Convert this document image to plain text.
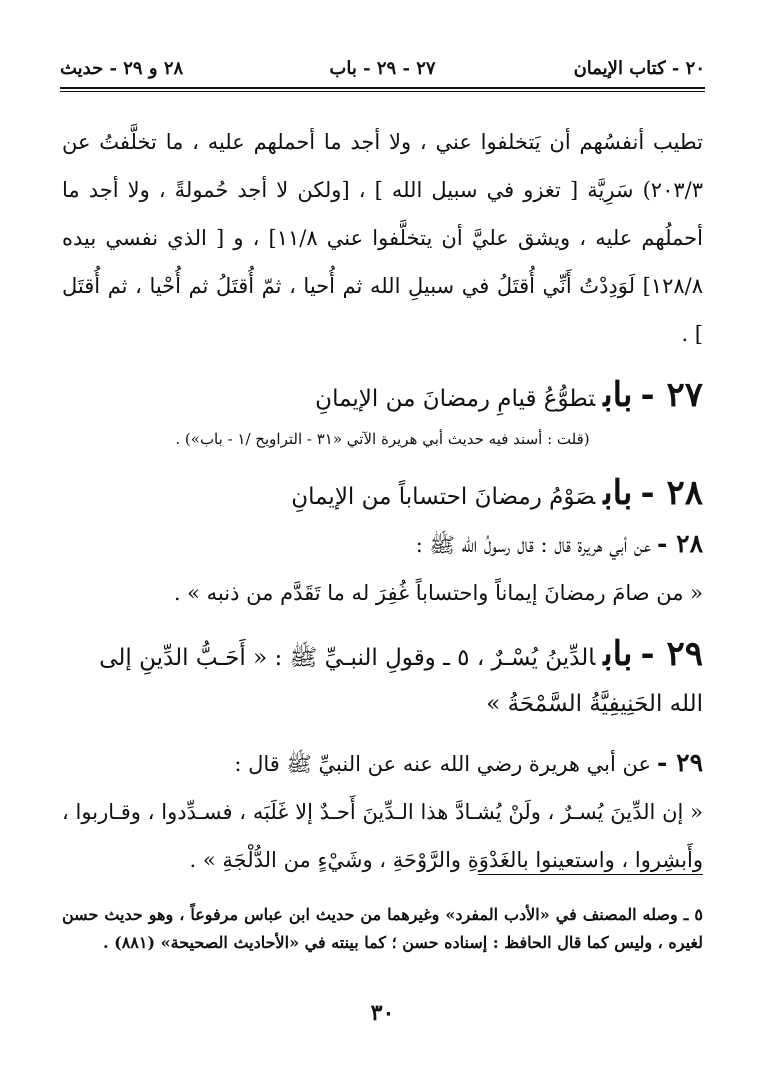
٢٠ - كتاب الإيمان
٢٧ - ٢٩ - باب
٢٨ و ٢٩ - حديث

تطيب أنفسُهم أن يَتخلفوا عني ، ولا أجد ما أحملهم عليه ، ما تخلَّفتُ عن ٢٠٣/٣) سَرِيَّة [ تغزو في سبيل الله ] ، [ولكن لا أجد حُمولةً ، ولا أجد ما أحملُهم عليه ، ويشق عليَّ أن يتخلَّفوا عني ١١/٨] ، و [ الذي نفسي بيده ١٢٨/٨] لَوَدِدْتُ أَنِّي أُقتَلُ في سبيلِ الله ثم أُحيا ، ثمّ أُقتَلُ ثم أُحْيا ، ثم أُقتَل ] .

٢٧ -بابتطوُّعُ قيامِ رمضانَ من الإيمانِ

(قلت : أسند فيه حديث أبي هريرة الآتي «٣١ - التراويح /١ - باب») .

٢٨ -بابصَوْمُ رمضانَ احتساباً من الإيمانِ

٢٨ -عن أبي هريرة قال : قال رسولُ الله ﷺ :

« من صامَ رمضانَ إيماناً واحتساباً غُفِرَ له ما تَقَدَّم من ذنبه » .

٢٩ -بابالدِّينُ يُسْـرٌ ، ٥ ـ وقولِ النبـيِّ ﷺ : « أَحَـبُّ الدِّينِ إلى الله الحَنِيفِيَّةُ السَّمْحَةُ »

٢٩ -عن أبي هريرة رضي الله عنه عن النبيِّ ﷺ قال :

« إن الدِّينَ يُسـرٌ ، ولَنْ يُشـادَّ هذا الـدِّينَ أَحـدٌ إلا غَلَبَه ، فسـدِّدوا ، وقـاربوا ، وأَبشِروا ، واستعينوا بالغَدْوَةِ والرَّوْحَةِ ، وشَيْءٍ من الدُّلْجَةِ » .

٥ ـ وصله المصنف في «الأدب المفرد» وغيرهما من حديث ابن عباس مرفوعاً ، وهو حديث حسن لغيره ، وليس كما قال الحافظ : إسناده حسن ؛ كما بينته في «الأحاديث الصحيحة» (٨٨١) .

٣٠
